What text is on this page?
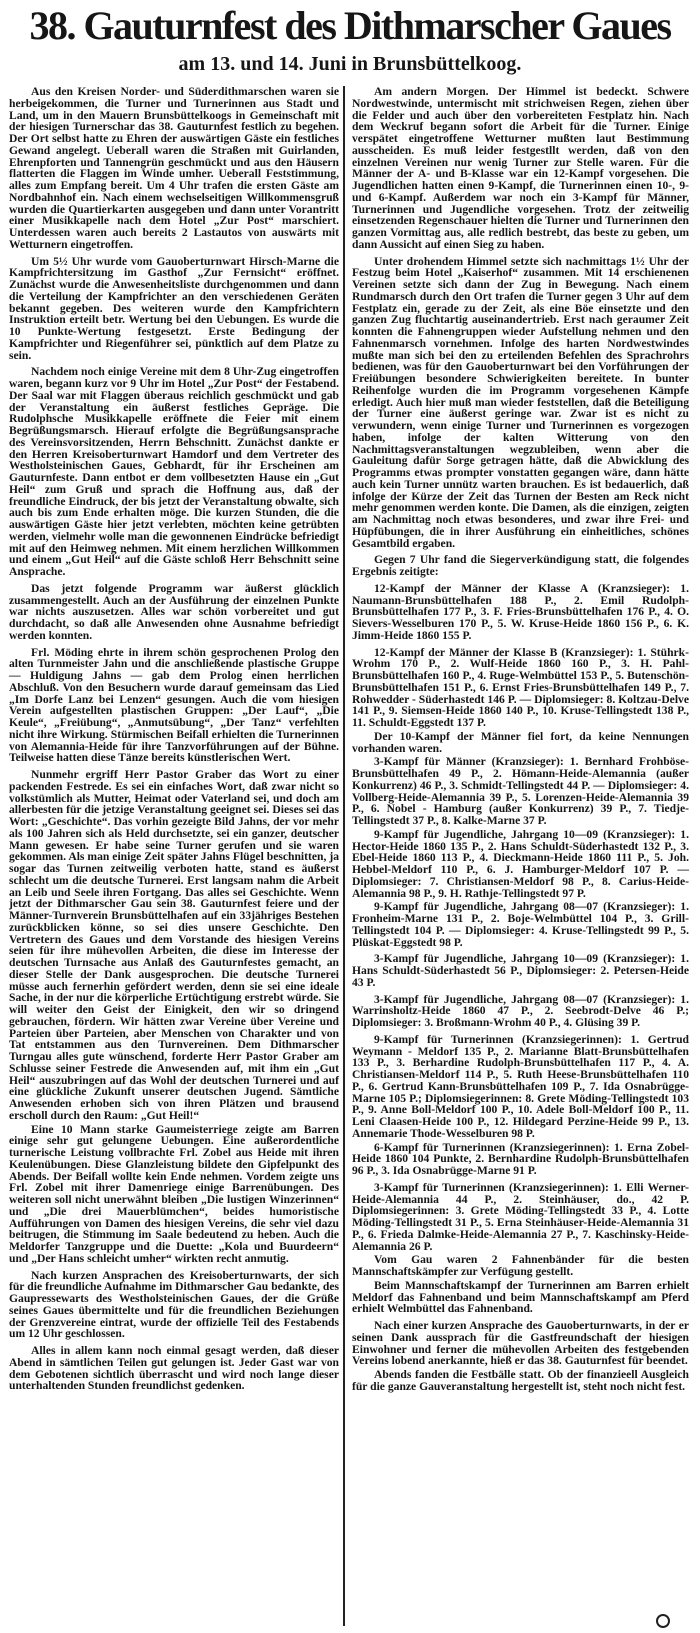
38. Gauturnfest des Dithmarscher Gaues
am 13. und 14. Juni in Brunsbüttelkoog.

Aus den Kreisen Norder- und Süderdithmarschen waren sie herbeigekommen, die Turner und Turnerinnen aus Stadt und Land, um in den Mauern Brunsbüttelkoogs in Gemeinschaft mit der hiesigen Turnerschar das 38. Gauturnfest festlich zu begehen. Der Ort selbst hatte zu Ehren der auswärtigen Gäste ein festliches Gewand angelegt. Ueberall waren die Straßen mit Guirlanden, Ehrenpforten und Tannengrün geschmückt und aus den Häusern flatterten die Flaggen im Winde umher. Ueberall Feststimmung, alles zum Empfang bereit. Um 4 Uhr trafen die ersten Gäste am Nordbahnhof ein. Nach einem wechselseitigen Willkommensgruß wurden die Quartierkarten ausgegeben und dann unter Vorantritt einer Musikkapelle nach dem Hotel „Zur Post“ marschiert. Unterdessen waren auch bereits 2 Lastautos von auswärts mit Wetturnern eingetroffen.

Um 5½ Uhr wurde vom Gauoberturnwart Hirsch-Marne die Kampfrichtersitzung im Gasthof „Zur Fernsicht“ eröffnet. Zunächst wurde die Anwesenheitsliste durchgenommen und dann die Verteilung der Kampfrichter an den verschiedenen Geräten bekannt gegeben. Des weiteren wurde den Kampfrichtern Instruktion erteilt betr. Wertung bei den Uebungen. Es wurde die 10 Punkte-Wertung festgesetzt. Erste Bedingung der Kampfrichter und Riegenführer sei, pünktlich auf dem Platze zu sein.

Nachdem noch einige Vereine mit dem 8 Uhr-Zug eingetroffen waren, begann kurz vor 9 Uhr im Hotel „Zur Post“ der Festabend. Der Saal war mit Flaggen überaus reichlich geschmückt und gab der Veranstaltung ein äußerst festliches Gepräge. Die Rudolphsche Musikkapelle eröffnete die Feier mit einem Begrüßungsmarsch. Hierauf erfolgte die Begrüßungsansprache des Vereinsvorsitzenden, Herrn Behschnitt. Zunächst dankte er den Herren Kreisoberturnwart Hamdorf und dem Vertreter des Westholsteinischen Gaues, Gebhardt, für ihr Erscheinen am Gauturnfeste. Dann entbot er dem vollbesetzten Hause ein „Gut Heil“ zum Gruß und sprach die Hoffnung aus, daß der freundliche Eindruck, der bis jetzt der Veranstaltung obwalte, sich auch bis zum Ende erhalten möge. Die kurzen Stunden, die die auswärtigen Gäste hier jetzt verlebten, möchten keine getrübten werden, vielmehr wolle man die gewonnenen Eindrücke befriedigt mit auf den Heimweg nehmen. Mit einem herzlichen Willkommen und einem „Gut Heil“ auf die Gäste schloß Herr Behschnitt seine Ansprache.

Das jetzt folgende Programm war äußerst glücklich zusammengestellt. Auch an der Ausführung der einzelnen Punkte war nichts auszusetzen. Alles war schön vorbereitet und gut durchdacht, so daß alle Anwesenden ohne Ausnahme befriedigt werden konnten.

Frl. Möding ehrte in ihrem schön gesprochenen Prolog den alten Turnmeister Jahn und die anschließende plastische Gruppe — Huldigung Jahns — gab dem Prolog einen herrlichen Abschluß. Von den Besuchern wurde darauf gemeinsam das Lied „Im Dorfe Lanz bei Lenzen“ gesungen. Auch die vom hiesigen Verein aufgestellten plastischen Gruppen: „Der Lauf“, „Die Keule“, „Freiübung“, „Anmutsübung“, „Der Tanz“ verfehlten nicht ihre Wirkung. Stürmischen Beifall erhielten die Turnerinnen von Alemannia-Heide für ihre Tanzvorführungen auf der Bühne. Teilweise hatten diese Tänze bereits künstlerischen Wert.

Nunmehr ergriff Herr Pastor Graber das Wort zu einer packenden Festrede. Es sei ein einfaches Wort, daß zwar nicht so volkstümlich als Mutter, Heimat oder Vaterland sei, und doch am allerbesten für die jetzige Veranstaltung geeignet sei. Dieses sei das Wort: „Geschichte“. Das vorhin gezeigte Bild Jahns, der vor mehr als 100 Jahren sich als Held durchsetzte, sei ein ganzer, deutscher Mann gewesen. Er habe seine Turner gerufen und sie waren gekommen. Als man einige Zeit später Jahns Flügel beschnitten, ja sogar das Turnen zeitweilig verboten hatte, stand es äußerst schlecht um die deutsche Turnerei. Erst langsam nahm die Arbeit an Leib und Seele ihren Fortgang. Das alles sei Geschichte. Wenn jetzt der Dithmarscher Gau sein 38. Gauturnfest feiere und der Männer-Turnverein Brunsbüttelhafen auf ein 33jähriges Bestehen zurückblicken könne, so sei dies unsere Geschichte. Den Vertretern des Gaues und dem Vorstande des hiesigen Vereins seien für ihre mühevollen Arbeiten, die diese im Interesse der deutschen Turnsache aus Anlaß des Gauturnfestes gemacht, an dieser Stelle der Dank ausgesprochen. Die deutsche Turnerei müsse auch fernerhin gefördert werden, denn sie sei eine ideale Sache, in der nur die körperliche Ertüchtigung erstrebt würde. Sie will weiter den Geist der Einigkeit, den wir so dringend gebrauchen, fördern. Wir hätten zwar Vereine über Vereine und Parteien über Parteien, aber Menschen von Charakter und von Tat entstammen aus den Turnvereinen. Dem Dithmarscher Turngau alles gute wünschend, forderte Herr Pastor Graber am Schlusse seiner Festrede die Anwesenden auf, mit ihm ein „Gut Heil“ auszubringen auf das Wohl der deutschen Turnerei und auf eine glückliche Zukunft unserer deutschen Jugend. Sämtliche Anwesenden erhoben sich von ihren Plätzen und brausend erscholl durch den Raum: „Gut Heil!“

Eine 10 Mann starke Gaumeisterriege zeigte am Barren einige sehr gut gelungene Uebungen. Eine außerordentliche turnerische Leistung vollbrachte Frl. Zobel aus Heide mit ihren Keulenübungen. Diese Glanzleistung bildete den Gipfelpunkt des Abends. Der Beifall wollte kein Ende nehmen. Vordem zeigte uns Frl. Zobel mit ihrer Damenriege einige Barrenübungen. Des weiteren soll nicht unerwähnt bleiben „Die lustigen Winzerinnen“ und „Die drei Mauerblümchen“, beides humoristische Aufführungen von Damen des hiesigen Vereins, die sehr viel dazu beitrugen, die Stimmung im Saale bedeutend zu heben. Auch die Meldorfer Tanzgruppe und die Duette: „Kola und Buurdeern“ und „Der Hans schleicht umher“ wirkten recht anmutig.

Nach kurzen Ansprachen des Kreisoberturnwarts, der sich für die freundliche Aufnahme im Dithmarscher Gau bedankte, des Gaupressewarts des Westholsteinischen Gaues, der die Grüße seines Gaues übermittelte und für die freundlichen Beziehungen der Grenzvereine eintrat, wurde der offizielle Teil des Festabends um 12 Uhr geschlossen.

Alles in allem kann noch einmal gesagt werden, daß dieser Abend in sämtlichen Teilen gut gelungen ist. Jeder Gast war von dem Gebotenen sichtlich überrascht und wird noch lange dieser unterhaltenden Stunden freundlichst gedenken.

Am andern Morgen. Der Himmel ist bedeckt. Schwere Nordwestwinde, untermischt mit strichweisen Regen, ziehen über die Felder und auch über den vorbereiteten Festplatz hin. Nach dem Weckruf begann sofort die Arbeit für die Turner. Einige verspätet eingetroffene Wetturner mußten laut Bestimmung ausscheiden. Es muß leider festgestllt werden, daß von den einzelnen Vereinen nur wenig Turner zur Stelle waren. Für die Männer der A- und B-Klasse war ein 12-Kampf vorgesehen. Die Jugendlichen hatten einen 9-Kampf, die Turnerinnen einen 10-, 9- und 6-Kampf. Außerdem war noch ein 3-Kampf für Männer, Turnerinnen und Jugendliche vorgesehen. Trotz der zeitweilig einsetzenden Regenschauer hielten die Turner und Turnerinnen den ganzen Vormittag aus, alle redlich bestrebt, das beste zu geben, um dann Aussicht auf einen Sieg zu haben.

Unter drohendem Himmel setzte sich nachmittags 1½ Uhr der Festzug beim Hotel „Kaiserhof“ zusammen. Mit 14 erschienenen Vereinen setzte sich dann der Zug in Bewegung. Nach einem Rundmarsch durch den Ort trafen die Turner gegen 3 Uhr auf dem Festplatz ein, gerade zu der Zeit, als eine Böe einsetzte und den ganzen Zug fluchtartig auseinandertrieb. Erst nach geraumer Zeit konnten die Fahnengruppen wieder Aufstellung nehmen und den Fahnenmarsch vornehmen. Infolge des harten Nordwestwindes mußte man sich bei den zu erteilenden Befehlen des Sprachrohrs bedienen, was für den Gauoberturnwart bei den Vorführungen der Freiübungen besondere Schwierigkeiten bereitete. In bunter Reihenfolge wurden die im Programm vorgesehenen Kämpfe erledigt. Auch hier muß man wieder feststellen, daß die Beteiligung der Turner eine äußerst geringe war. Zwar ist es nicht zu verwundern, wenn einige Turner und Turnerinnen es vorgezogen haben, infolge der kalten Witterung von den Nachmittagsveranstaltungen wegzubleiben, wenn aber die Gauleitung dafür Sorge getragen hätte, daß die Abwicklung des Programms etwas prompter vonstatten gegangen wäre, dann hätte auch kein Turner unnütz warten brauchen. Es ist bedauerlich, daß infolge der Kürze der Zeit das Turnen der Besten am Reck nicht mehr genommen werden konte. Die Damen, als die einzigen, zeigten am Nachmittag noch etwas besonderes, und zwar ihre Frei- und Hüpfübungen, die in ihrer Ausführung ein einheitliches, schönes Gesamtbild ergaben.

Gegen 7 Uhr fand die Siegerverkündigung statt, die folgendes Ergebnis zeitigte:

12-Kampf der Männer der Klasse A (Kranzsieger): 1. Naumann-Brunsbüttelhafen 188 P., 2. Emil Rudolph-Brunsbüttelhafen 177 P., 3. F. Fries-Brunsbüttelhafen 176 P., 4. O. Sievers-Wesselburen 170 P., 5. W. Kruse-Heide 1860 156 P., 6. K. Jimm-Heide 1860 155 P.

12-Kampf der Männer der Klasse B (Kranzsieger): 1. Stührk-Wrohm 170 P., 2. Wulf-Heide 1860 160 P., 3. H. Pahl-Brunsbüttelhafen 160 P., 4. Ruge-Welmbüttel 153 P., 5. Butenschön-Brunsbüttelhafen 151 P., 6. Ernst Fries-Brunsbüttelhafen 149 P., 7. Rohwedder - Süderhastedt 146 P. — Diplomsieger: 8. Koltzau-Delve 141 P., 9. Siemsen-Heide 1860 140 P., 10. Kruse-Tellingstedt 138 P., 11. Schuldt-Eggstedt 137 P.

Der 10-Kampf der Männer fiel fort, da keine Nennungen vorhanden waren.

3-Kampf für Männer (Kranzsieger): 1. Bernhard Frohböse-Brunsbüttelhafen 49 P., 2. Hömann-Heide-Alemannia (außer Konkurrenz) 46 P., 3. Schmidt-Tellingstedt 44 P. — Diplomsieger: 4. Vollberg-Heide-Alemannia 39 P., 5. Lorenzen-Heide-Alemannia 39 P., 6. Nobel - Hamburg (außer Konkurrenz) 39 P., 7. Tiedje-Tellingstedt 37 P., 8. Kalke-Marne 37 P.

9-Kampf für Jugendliche, Jahrgang 10—09 (Kranzsieger): 1. Hector-Heide 1860 135 P., 2. Hans Schuldt-Süderhastedt 132 P., 3. Ebel-Heide 1860 113 P., 4. Dieckmann-Heide 1860 111 P., 5. Joh. Hebbel-Meldorf 110 P., 6. J. Hamburger-Meldorf 107 P. — Diplomsieger: 7. Christiansen-Meldorf 98 P., 8. Carius-Heide-Alemannia 98 P., 9. H. Rathje-Tellingstedt 97 P.

9-Kampf für Jugendliche, Jahrgang 08—07 (Kranzsieger): 1. Fronheim-Marne 131 P., 2. Boje-Welmbüttel 104 P., 3. Grill-Tellingstedt 104 P. — Diplomsieger: 4. Kruse-Tellingstedt 99 P., 5. Plüskat-Eggstedt 98 P.

3-Kampf für Jugendliche, Jahrgang 10—09 (Kranzsieger): 1. Hans Schuldt-Süderhastedt 56 P., Diplomsieger: 2. Petersen-Heide 43 P.

3-Kampf für Jugendliche, Jahrgang 08—07 (Kranzsieger): 1. Warrinsholtz-Heide 1860 47 P., 2. Seebrodt-Delve 46 P.; Diplomsieger: 3. Broßmann-Wrohm 40 P., 4. Glüsing 39 P.

9-Kampf für Turnerinnen (Kranzsiegerinnen): 1. Gertrud Weymann - Meldorf 135 P., 2. Marianne Blatt-Brunsbüttelhafen 133 P., 3. Berhardine Rudolph-Brunsbüttelhafen 117 P., 4. A. Christiansen-Meldorf 114 P., 5. Ruth Heese-Brunsbüttelhafen 110 P., 6. Gertrud Kann-Brunsbüttelhafen 109 P., 7. Ida Osnabrügge-Marne 105 P.; Diplomsiegerinnen: 8. Grete Möding-Tellingstedt 103 P., 9. Anne Boll-Meldorf 100 P., 10. Adele Boll-Meldorf 100 P., 11. Leni Claasen-Heide 100 P., 12. Hildegard Perzine-Heide 99 P., 13. Annemarie Thode-Wesselburen 98 P.

6-Kampf für Turnerinnen (Kranzsiegerinnen): 1. Erna Zobel-Heide 1860 104 Punkte, 2. Bernhardine Rudolph-Brunsbüttelhafen 96 P., 3. Ida Osnabrügge-Marne 91 P.

3-Kampf für Turnerinnen (Kranzsiegerinnen): 1. Elli Werner-Heide-Alemannia 44 P., 2. Steinhäuser, do., 42 P. Diplomsiegerinnen: 3. Grete Möding-Tellingstedt 33 P., 4. Lotte Möding-Tellingstedt 31 P., 5. Erna Steinhäuser-Heide-Alemannia 31 P., 6. Frieda Dalmke-Heide-Alemannia 27 P., 7. Kaschinsky-Heide-Alemannia 26 P.

Vom Gau waren 2 Fahnenbänder für die besten Mannschaftskämpfer zur Verfügung gestellt.

Beim Mannschaftskampf der Turnerinnen am Barren erhielt Meldorf das Fahnenband und beim Mannschaftskampf am Pferd erhielt Welmbüttel das Fahnenband.

Nach einer kurzen Ansprache des Gauoberturnwarts, in der er seinen Dank aussprach für die Gastfreundschaft der hiesigen Einwohner und ferner die mühevollen Arbeiten des festgebenden Vereins lobend anerkannte, hieß er das 38. Gauturnfest für beendet.

Abends fanden die Festbälle statt. Ob der finanzieell Ausgleich für die ganze Gauveranstaltung hergestellt ist, steht noch nicht fest.
